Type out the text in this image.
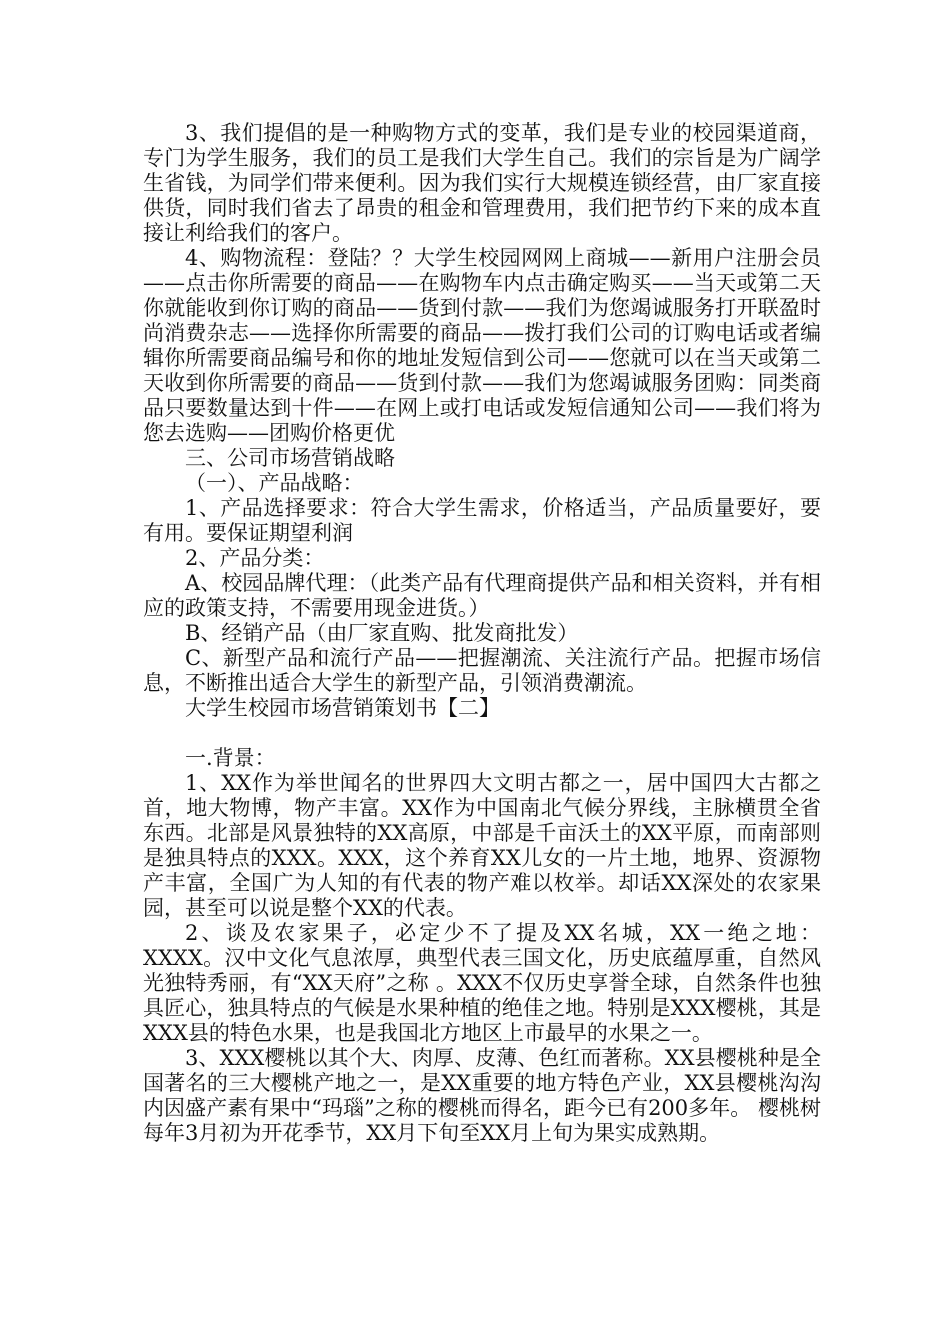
3、我们提倡的是一种购物方式的变革，我们是专业的校园渠道商，专门为学生服务，我们的员工是我们大学生自己。我们的宗旨是为广阔学生省钱，为同学们带来便利。因为我们实行大规模连锁经营，由厂家直接供货，同时我们省去了昂贵的租金和管理费用，我们把节约下来的成本直接让利给我们的客户。

4、购物流程：登陆？？大学生校园网网上商城——新用户注册会员——点击你所需要的商品——在购物车内点击确定购买——当天或第二天你就能收到你订购的商品——货到付款——我们为您竭诚服务打开联盈时尚消费杂志——选择你所需要的商品——拨打我们公司的订购电话或者编辑你所需要商品编号和你的地址发短信到公司——您就可以在当天或第二天收到你所需要的商品——货到付款——我们为您竭诚服务团购：同类商品只要数量达到十件——在网上或打电话或发短信通知公司——我们将为您去选购——团购价格更优

三、公司市场营销战略

（一）、产品战略：

1、产品选择要求：符合大学生需求，价格适当，产品质量要好，要有用。要保证期望利润

2、产品分类：

A、校园品牌代理：（此类产品有代理商提供产品和相关资料，并有相应的政策支持，不需要用现金进货。）

B、经销产品（由厂家直购、批发商批发）

C、新型产品和流行产品——把握潮流、关注流行产品。把握市场信息，不断推出适合大学生的新型产品，引领消费潮流。

大学生校园市场营销策划书【二】

一.背景：

1、XX作为举世闻名的世界四大文明古都之一，居中国四大古都之首，地大物博，物产丰富。XX作为中国南北气候分界线，主脉横贯全省东西。北部是风景独特的XX高原，中部是千亩沃土的XX平原，而南部则是独具特点的XXX。XXX，这个养育XX儿女的一片土地，地界、资源物产丰富，全国广为人知的有代表的物产难以枚举。却话XX深处的农家果园，甚至可以说是整个XX的代表。

2、谈及农家果子，必定少不了提及XX名城，XX一绝之地：XXXX。汉中文化气息浓厚，典型代表三国文化，历史底蕴厚重，自然风光独特秀丽，有“XX天府”之称 。XXX不仅历史享誉全球，自然条件也独具匠心，独具特点的气候是水果种植的绝佳之地。特别是XXX樱桃，其是XXX县的特色水果，也是我国北方地区上市最早的水果之一。

3、XXX樱桃以其个大、肉厚、皮薄、色红而著称。XX县樱桃种是全国著名的三大樱桃产地之一，是XX重要的地方特色产业，XX县樱桃沟沟内因盛产素有果中“玛瑙”之称的樱桃而得名，距今已有200多年。 樱桃树每年3月初为开花季节，XX月下旬至XX月上旬为果实成熟期。
